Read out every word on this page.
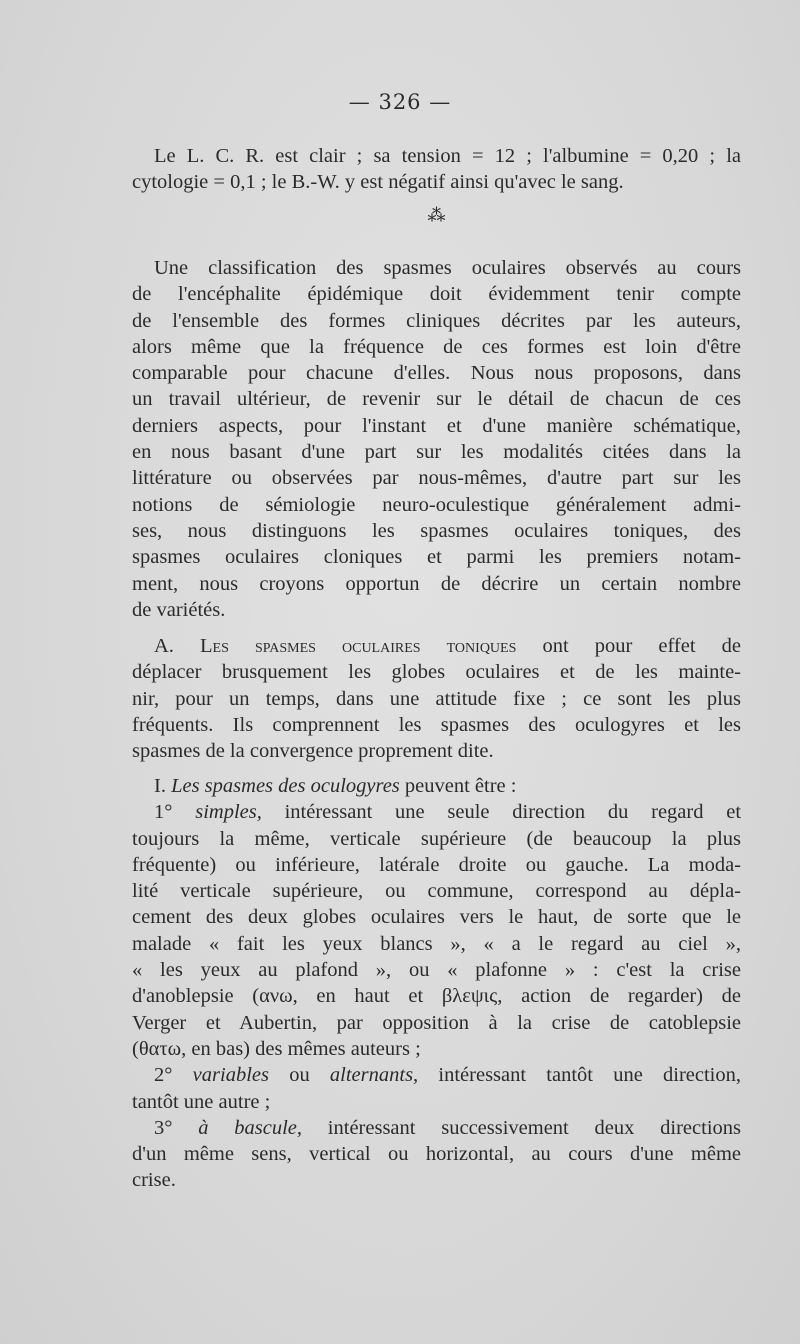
— 326 —
Le L. C. R. est clair ; sa tension = 12 ; l'albumine = 0,20 ; la
cytologie = 0,1 ; le B.-W. y est négatif ainsi qu'avec le sang.
⁂
Une classification des spasmes oculaires observés au cours
de l'encéphalite épidémique doit évidemment tenir compte
de l'ensemble des formes cliniques décrites par les auteurs,
alors même que la fréquence de ces formes est loin d'être
comparable pour chacune d'elles. Nous nous proposons, dans
un travail ultérieur, de revenir sur le détail de chacun de ces
derniers aspects, pour l'instant et d'une manière schématique,
en nous basant d'une part sur les modalités citées dans la
littérature ou observées par nous-mêmes, d'autre part sur les
notions de sémiologie neuro-oculestique généralement admi-
ses, nous distinguons les spasmes oculaires toniques, des
spasmes oculaires cloniques et parmi les premiers notam-
ment, nous croyons opportun de décrire un certain nombre
de variétés.
A. Les spasmes oculaires toniques ont pour effet de
déplacer brusquement les globes oculaires et de les mainte-
nir, pour un temps, dans une attitude fixe ; ce sont les plus
fréquents. Ils comprennent les spasmes des oculogyres et les
spasmes de la convergence proprement dite.
I. Les spasmes des oculogyres peuvent être :
1° simples, intéressant une seule direction du regard et
toujours la même, verticale supérieure (de beaucoup la plus
fréquente) ou inférieure, latérale droite ou gauche. La moda-
lité verticale supérieure, ou commune, correspond au dépla-
cement des deux globes oculaires vers le haut, de sorte que le
malade « fait les yeux blancs », « a le regard au ciel »,
« les yeux au plafond », ou « plafonne » : c'est la crise
d'anoblepsie (ανω, en haut et βλεψις, action de regarder) de
Verger et Aubertin, par opposition à la crise de catoblepsie
(θατω, en bas) des mêmes auteurs ;
2° variables ou alternants, intéressant tantôt une direction,
tantôt une autre ;
3° à bascule, intéressant successivement deux directions
d'un même sens, vertical ou horizontal, au cours d'une même
crise.
